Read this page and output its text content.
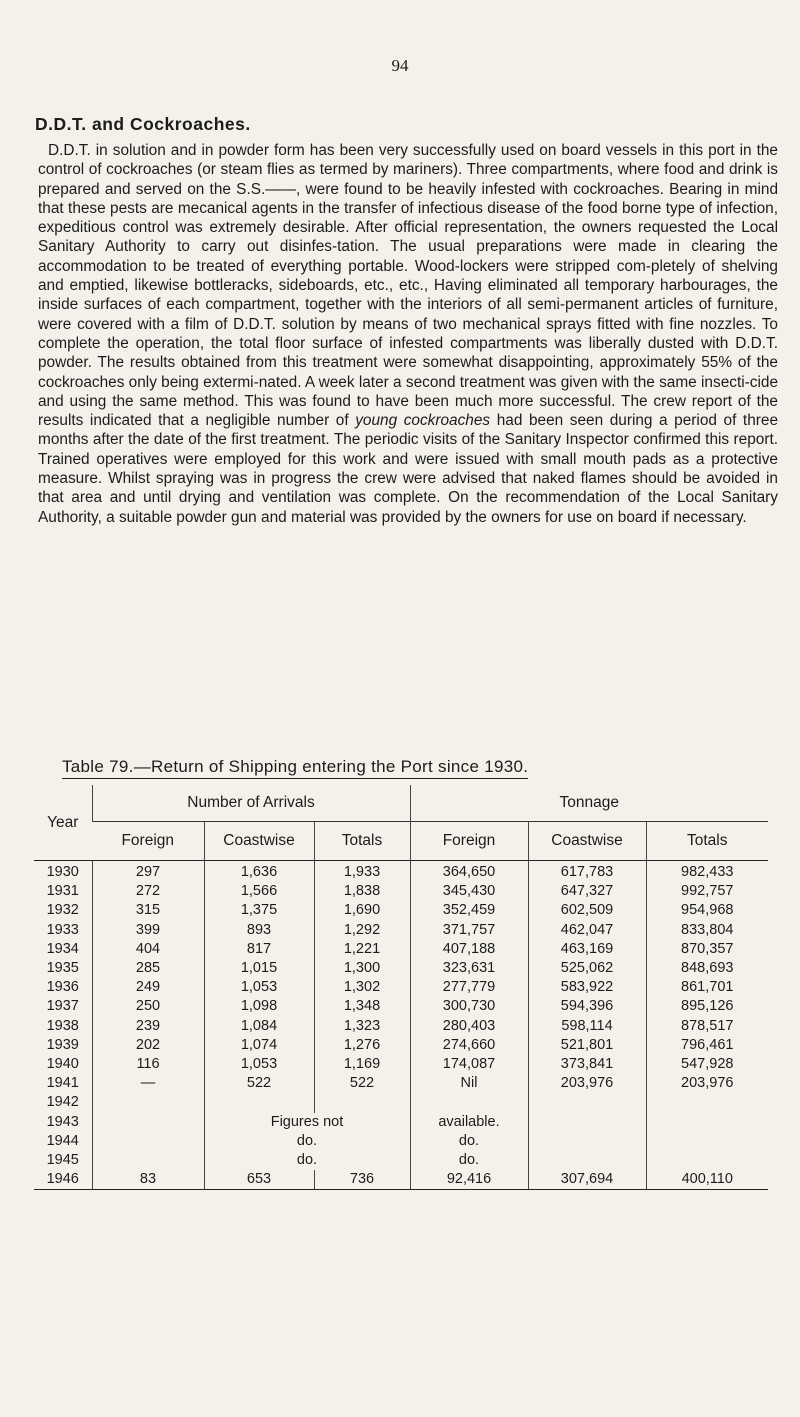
94
D.D.T. and Cockroaches.
D.D.T. in solution and in powder form has been very successfully used on board vessels in this port in the control of cockroaches (or steam flies as termed by mariners). Three compartments, where food and drink is prepared and served on the S.S.——, were found to be heavily infested with cockroaches. Bearing in mind that these pests are mecanical agents in the transfer of infectious disease of the food borne type of infection, expeditious control was extremely desirable. After official representation, the owners requested the Local Sanitary Authority to carry out disinfes-tation. The usual preparations were made in clearing the accommodation to be treated of everything portable. Wood-lockers were stripped com-pletely of shelving and emptied, likewise bottleracks, sideboards, etc., etc., Having eliminated all temporary harbourages, the inside surfaces of each compartment, together with the interiors of all semi-permanent articles of furniture, were covered with a film of D.D.T. solution by means of two mechanical sprays fitted with fine nozzles. To complete the operation, the total floor surface of infested compartments was liberally dusted with D.D.T. powder. The results obtained from this treatment were somewhat disappointing, approximately 55% of the cockroaches only being extermi-nated. A week later a second treatment was given with the same insecti-cide and using the same method. This was found to have been much more successful. The crew report of the results indicated that a negligible number of young cockroaches had been seen during a period of three months after the date of the first treatment. The periodic visits of the Sanitary Inspector confirmed this report. Trained operatives were employed for this work and were issued with small mouth pads as a protective measure. Whilst spraying was in progress the crew were advised that naked flames should be avoided in that area and until drying and ventilation was complete. On the recommendation of the Local Sanitary Authority, a suitable powder gun and material was provided by the owners for use on board if necessary.
Table 79.—Return of Shipping entering the Port since 1930.
Year	Number of Arrivals			Tonnage		
	Foreign	Coastwise	Totals	Foreign	Coastwise	Totals
1930	297	1,636	1,933	364,650	617,783	982,433
1931	272	1,566	1,838	345,430	647,327	992,757
1932	315	1,375	1,690	352,459	602,509	954,968
1933	399	893	1,292	371,757	462,047	833,804
1934	404	817	1,221	407,188	463,169	870,357
1935	285	1,015	1,300	323,631	525,062	848,693
1936	249	1,053	1,302	277,779	583,922	861,701
1937	250	1,098	1,348	300,730	594,396	895,126
1938	239	1,084	1,323	280,403	598,114	878,517
1939	202	1,074	1,276	274,660	521,801	796,461
1940	116	1,053	1,169	174,087	373,841	547,928
1941	—	522	522	Nil	203,976	203,976
1942						
1943		Figures not		available.		
1944		do.		do.		
1945		do.		do.		
1946	83	653	736	92,416	307,694	400,110
